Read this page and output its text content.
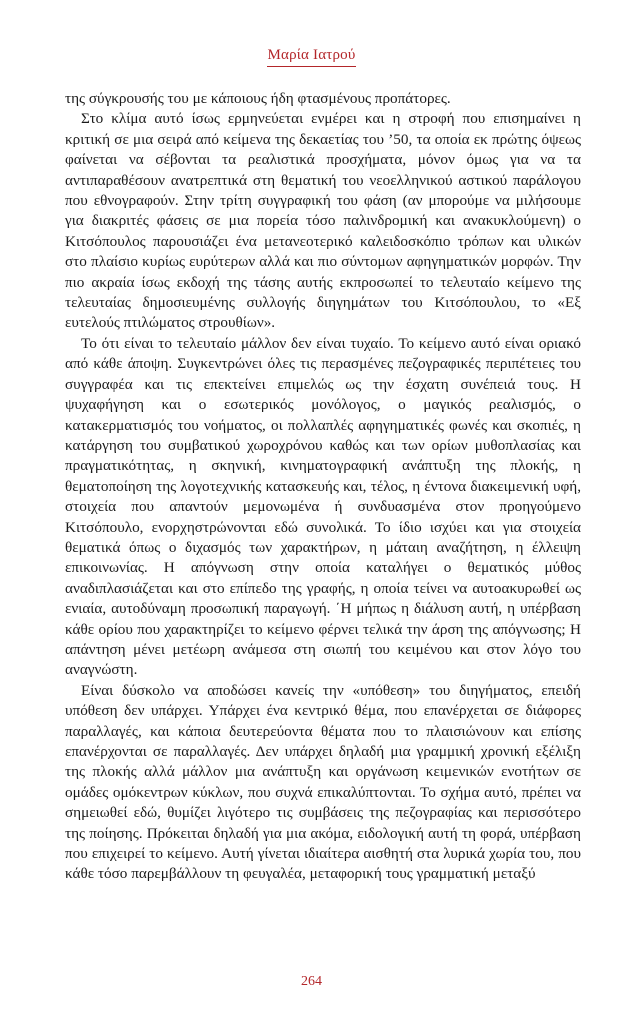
Μαρία Ιατρού

της σύγκρουσής του με κάποιους ήδη φτασμένους προπάτορες.

Στο κλίμα αυτό ίσως ερμηνεύεται ενμέρει και η στροφή που επισημαίνει η κριτική σε μια σειρά από κείμενα της δεκαετίας του ’50, τα οποία εκ πρώτης όψεως φαίνεται να σέβονται τα ρεαλιστικά προσχήματα, μόνον όμως για να τα αντιπαραθέσουν ανατρεπτικά στη θεματική του νεοελληνικού αστικού παράλογου που εθνογραφούν. Στην τρίτη συγγραφική του φάση (αν μπορούμε να μιλήσουμε για διακριτές φάσεις σε μια πορεία τόσο παλινδρομική και ανακυκλούμενη) ο Κιτσόπουλος παρουσιάζει ένα μετανεοτερικό καλειδοσκόπιο τρόπων και υλικών στο πλαίσιο κυρίως ευρύτερων αλλά και πιο σύντομων αφηγηματικών μορφών. Την πιο ακραία ίσως εκδοχή της τάσης αυτής εκπροσωπεί το τελευταίο κείμενο της τελευταίας δημοσιευμένης συλλογής διηγημάτων του Κιτσόπουλου, το «Εξ ευτελούς πτιλώματος στρουθίων».

Το ότι είναι το τελευταίο μάλλον δεν είναι τυχαίο. Το κείμενο αυτό είναι οριακό από κάθε άποψη. Συγκεντρώνει όλες τις περασμένες πεζογραφικές περιπέτειες του συγγραφέα και τις επεκτείνει επιμελώς ως την έσχατη συνέπειά τους. Η ψυχαφήγηση και ο εσωτερικός μονόλογος, ο μαγικός ρεαλισμός, ο κατακερματισμός του νοήματος, οι πολλαπλές αφηγηματικές φωνές και σκοπιές, η κατάργηση του συμβατικού χωροχρόνου καθώς και των ορίων μυθοπλασίας και πραγματικότητας, η σκηνική, κινηματογραφική ανάπτυξη της πλοκής, η θεματοποίηση της λογοτεχνικής κατασκευής και, τέλος, η έντονα διακειμενική υφή, στοιχεία που απαντούν μεμονωμένα ή συνδυασμένα στον προηγούμενο Κιτσόπουλο, ενορχηστρώνονται εδώ συνολικά. Το ίδιο ισχύει και για στοιχεία θεματικά όπως ο διχασμός των χαρακτήρων, η μάταιη αναζήτηση, η έλλειψη επικοινωνίας. Η απόγνωση στην οποία καταλήγει ο θεματικός μύθος αναδιπλασιάζεται και στο επίπεδο της γραφής, η οποία τείνει να αυτοακυρωθεί ως ενιαία, αυτοδύναμη προσωπική παραγωγή. ΄Η μήπως η διάλυση αυτή, η υπέρβαση κάθε ορίου που χαρακτηρίζει το κείμενο φέρνει τελικά την άρση της απόγνωσης; Η απάντηση μένει μετέωρη ανάμεσα στη σιωπή του κειμένου και στον λόγο του αναγνώστη.

Είναι δύσκολο να αποδώσει κανείς την «υπόθεση» του διηγήματος, επειδή υπόθεση δεν υπάρχει. Υπάρχει ένα κεντρικό θέμα, που επανέρχεται σε διάφορες παραλλαγές, και κάποια δευτερεύοντα θέματα που το πλαισιώνουν και επίσης επανέρχονται σε παραλλαγές. Δεν υπάρχει δηλαδή μια γραμμική χρονική εξέλιξη της πλοκής αλλά μάλλον μια ανάπτυξη και οργάνωση κειμενικών ενοτήτων σε ομάδες ομόκεντρων κύκλων, που συχνά επικαλύπτονται. Το σχήμα αυτό, πρέπει να σημειωθεί εδώ, θυμίζει λιγότερο τις συμβάσεις της πεζογραφίας και περισσότερο της ποίησης. Πρόκειται δηλαδή για μια ακόμα, ειδολογική αυτή τη φορά, υπέρβαση που επιχειρεί το κείμενο. Αυτή γίνεται ιδιαίτερα αισθητή στα λυρικά χωρία του, που κάθε τόσο παρεμβάλλουν τη φευγαλέα, μεταφορική τους γραμματική μεταξύ

264
